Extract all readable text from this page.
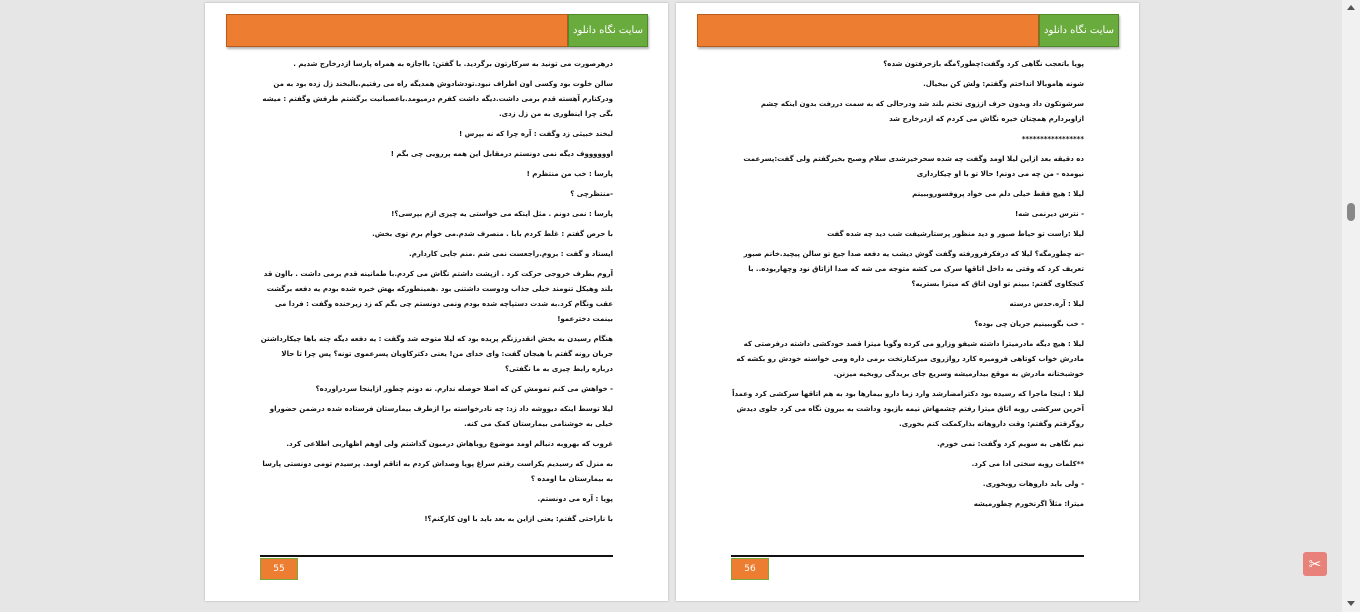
سایت نگاه دانلود

درهرصورت می تونید به سرکارتون برگردید. با گفتن: بااجازه به همراه پارسا ازدرخارج شدیم .

سالن خلوت بود وکسی اون اطراف نبود.تودشادوش همدیگه راه می رفتیم.بالبخند زل زده بود به من ودرکنارم آهسته قدم برمی داشت.دیگه داشت کفرم درمیومد.باعصبانیت برگشتم طرفش وگفتم : میشه بگی چرا اینطوری به من زل زدی.

لبخند خبیثی زد وگفت : آره چرا که نه بپرس !

اووووووف دیگه نمی دونستم درمقابل این همه پررویی چی بگم !

پارسا : خب من منتظرم !

-منتظرچی ؟

پارسا : نمی دونم . مثل اینکه می خواستی یه چیزی ازم بپرسی؟!

با حرص گفتم : غلط کردم بابا . منصرف شدم.می خوام برم توی بخش.

ایستاد و گفت : بروم.راجعست نمی شم .منم جایی کاردارم.

آروم بطرف خروجی حرکت کرد . ازپشت داشتم نگاش می کردم.با طمانینه قدم برمی داشت . بااون قد بلند وهیکل تنومند خیلی جذاب ودوست داشتنی بود .همینطورکه بهش خیره شده بودم یه دفعه برگشت عقب ونگام کرد.به شدت دستپاچه شده بودم ونمی دونستم چی بگم که زد زیرخنده وگفت : فردا می بینمت دخترعمو!

هنگام رسیدن به بخش انقدرزنگم پریده بود که لیلا متوجه شد وگفت : یه دفعه دیگه چته باها چیکارداشتن جریان رونه گفتم با هیجان گفت: وای خدای من! یعنی دکترکاویان پسرعموی تونه؟ پس چرا تا حالا درباره رابط چیزی به ما نگفتی؟

- خواهش می کنم تمومش کن که اصلا حوصله ندارم. نه دونم چطور ازاینجا سردراورده؟

لیلا توسط اینکه دیووشه داد زد: چه نادرخواسته برا ازطرف بیمارستان فرستاده شده درضمن حضوراو خیلی به خوشنامی بیمارستان کمک می کنه.

غروب که بهروبه دنبالم اومد موضوع روباهاش درمیون گذاشتم ولی اوهم اظهاربی اطلاعی کرد.

به منزل که رسیدیم یکراست رفتم سراغ پویا وصداش کردم به اتاقم اومد. پرسیدم تومی دونستی پارسا به بیمارستان ما اومده ؟

پویا : آره می دونستم.

با ناراحتی گفتم: یعنی ازاین به بعد باید با اون کارکنم؟!

55
سایت نگاه دانلود

پویا باتعجب نگاهی کرد وگفت:چطور؟مگه بازحرفتون شده؟

شونه هاموبالا انداختم وگفتم: ولش کن بیخیال.

سرشوتکون داد وبدون حرف اززوی تختم بلند شد ودرحالی که به سمت دررفت بدون اینکه چشم ازاوبردارم همچنان خیره نگاش می کردم که ازدرخارج شد

*****************

ده دقیقه بعد ازاین لیلا اومد وگفت چه شده سحرخیزشدی سلام وصبح بخیرگفتم ولی گفت:پسرعمت نیومده - من چه می دونم! حالا تو با او چیکارداری

لیلا : هیچ فقط خیلی دلم می خواد پروفسوروببینم

- نترس دیرنمی شه!

لیلا :راست تو حیاط صبور و دید منظور پرستارشیفت شب دید چه شده گفت

-نه چطورمگه؟ لیلا که درفکرفرورفته وگفت گوش دیشب یه دفعه صدا جیغ تو سالن پیچید.خانم صبور تعریف کرد که وقتی به داخل اتاقها سرک می کشه متوجه می شه که صدا ازاتاق نود وچهاربوده.. با کنجکاوی گفتم: ببینم تو اون اتاق که میترا بستریه؟

لیلا : آره.حدس درسته

- خب بگوببینیم جریان چی بوده؟

لیلا : هیچ دیگه مادرمیترا داشته شیفو وزارو می کرده وگویا میترا قصد خودکشی داشته درفرصتی که مادرش خواب کوتاهی فرومیره کارد روازروی میزکنارتخت برمی داره ومی خواسته خودش رو بکشه که خوشبختانه مادرش به موقع بیدارمیشه وسریع جای بریدگی روبخیه میزنن.

لیلا : اینجا ماجرا که رسیده بود دکترامضارشد وارد زما دارو بیمارها بود به هم اتاقها سرکشی کرد وعمداً آخرین سرکشی روبه اتاق میترا رفتم چشمهاش نیمه بازبود وداشت به بیرون نگاه می کرد جلوی دیدش روگرفتم وگفتم: وقت داروهاته بذارکمکت کنم بخوری.

نیم نگاهی به سویم کرد وگفت: نمی خورم.

**کلمات روبه سختی ادا می کرد.

- ولی باید داروهات روبخوری.

میترا: مثلاً اگرنخورم چطورمیشه

56	✂
